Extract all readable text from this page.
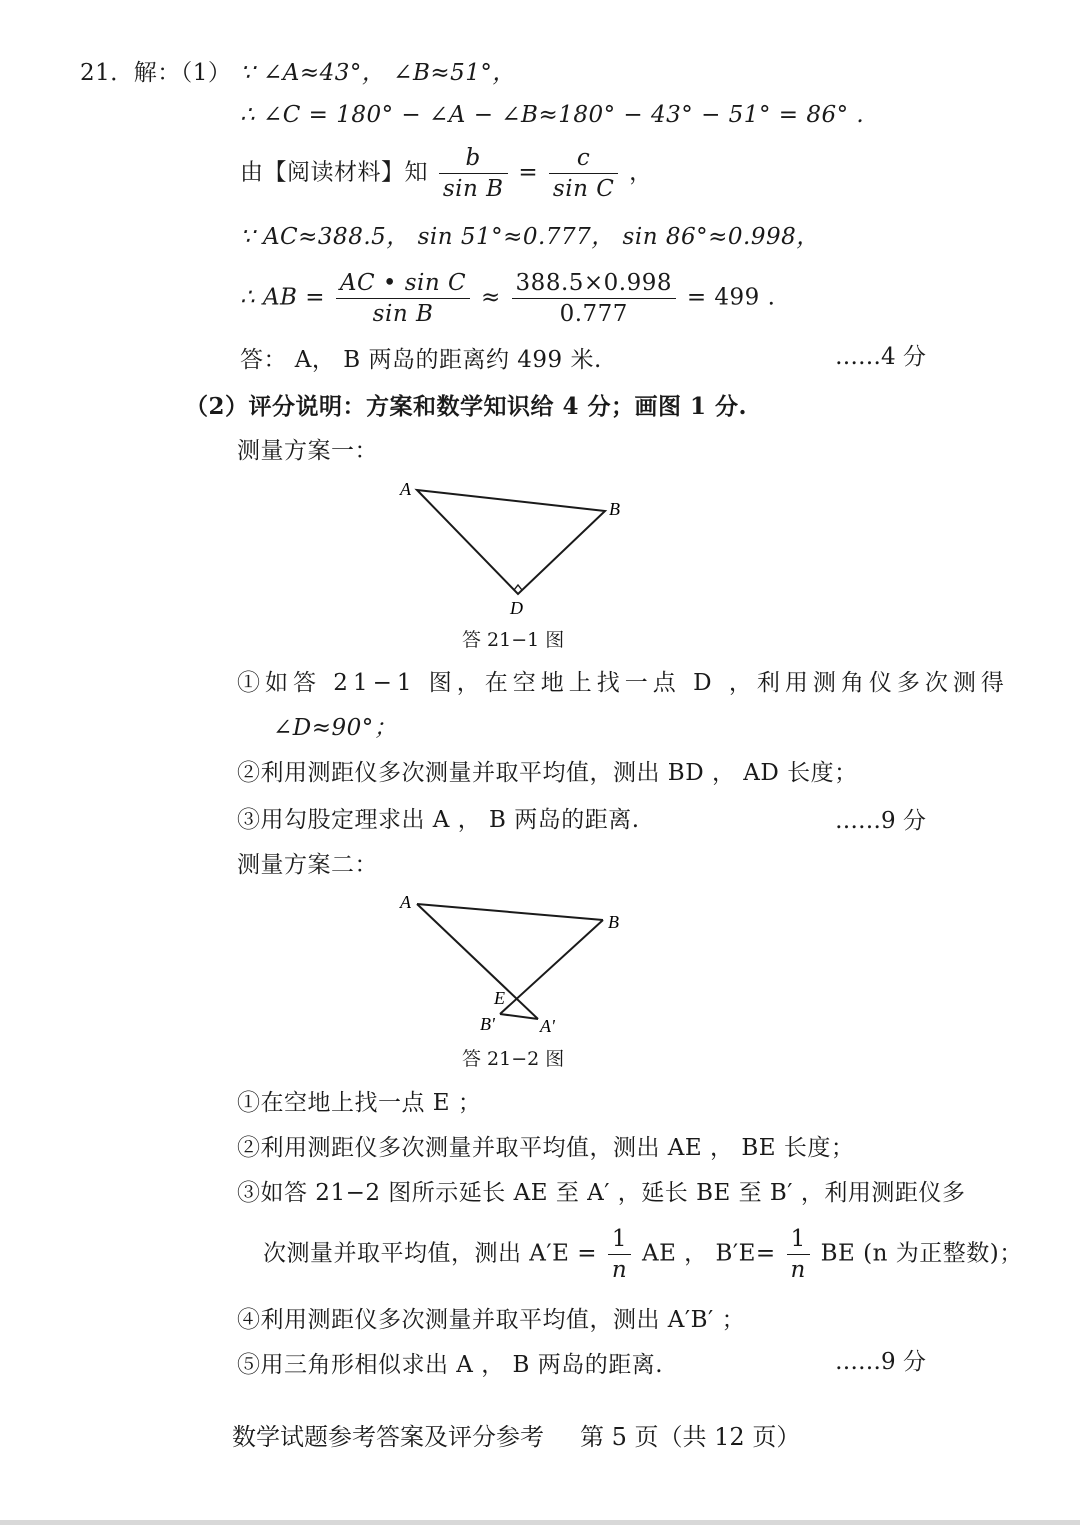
21．解：（1） ∵ ∠A≈43°， ∠B≈51°，
∴ ∠C = 180° − ∠A − ∠B≈180° − 43° − 51° = 86° .
由【阅读材料】知 $\frac{b}{\text{sin B}} = \frac{c}{\text{sin C}}$ ，
∵ AC≈388.5， sin 51°≈0.777， sin 86°≈0.998，
∴ AB = $\frac{\text{AC • sin C}}{\text{sin B}} \approx \frac{388.5\times 0.998}{0.777} = 499$ .
答： A， B 两岛的距离约 499 米.	……4 分
（2）评分说明：方案和数学知识给 4 分；画图 1 分.
测量方案一：
A
B
D
答 21−1 图
①如答 21−1 图，在空地上找一点 D ，利用测角仪多次测得
∠D≈90°；
②利用测距仪多次测量并取平均值，测出 BD ， AD 长度；
③用勾股定理求出 A ， B 两岛的距离.	……9 分
测量方案二：
A
B
E
B'	A'
答 21−2 图
①在空地上找一点 E ；
②利用测距仪多次测量并取平均值，测出 AE ， BE 长度；
③如答 21−2 图所示延长 AE 至 A′ ，延长 BE 至 B′ ，利用测距仪多
次测量并取平均值，测出 $A'E = \frac{1}{n}$ AE ， $B'E= \frac{1}{n}$ BE (n 为正整数)；
④利用测距仪多次测量并取平均值，测出 A′B′ ；
⑤用三角形相似求出 A ， B 两岛的距离.	……9 分
数学试题参考答案及评分参考 第 5 页（共 12 页）
